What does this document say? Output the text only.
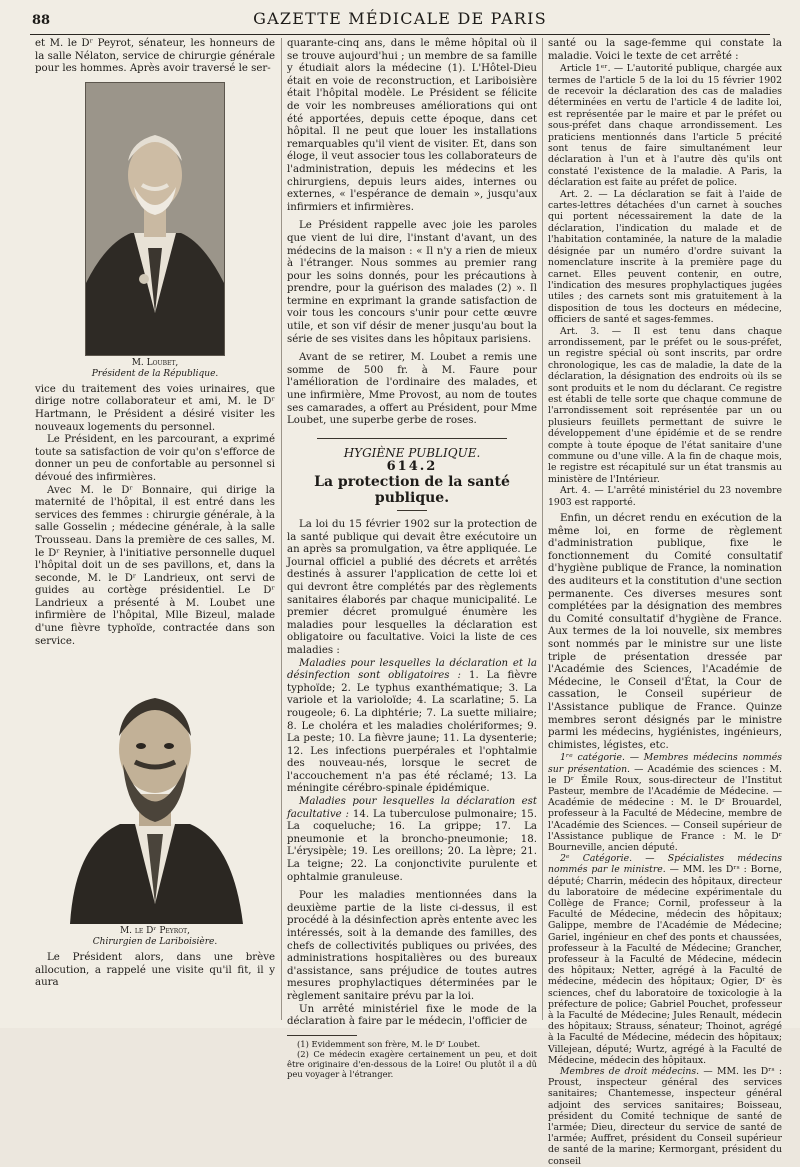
88	GAZETTE MÉDICALE DE PARIS

et M. le Dʳ Peyrot, sénateur, les honneurs de la salle Nélaton, service de chirurgie générale pour les hommes. Après avoir traversé le ser-

M. Loubet,
Président de la République.

vice du traitement des voies urinaires, que dirige notre collaborateur et ami, M. le Dʳ Hartmann, le Président a désiré visiter les nouveaux logements du personnel.

Le Président, en les parcourant, a exprimé toute sa satisfaction de voir qu'on s'efforce de donner un peu de confortable au personnel si dévoué des infirmières.

Avec M. le Dʳ Bonnaire, qui dirige la maternité de l'hôpital, il est entré dans les services des femmes : chirurgie générale, à la salle Gosselin ; médecine générale, à la salle Trousseau. Dans la première de ces salles, M. le Dʳ Reynier, à l'initiative personnelle duquel l'hôpital doit un de ses pavillons, et, dans la seconde, M. le Dʳ Landrieux, ont servi de guides au cortège présidentiel. Le Dʳ Landrieux a présenté à M. Loubet une infirmière de l'hôpital, Mlle Bizeul, malade d'une fièvre typhoïde, contractée dans son service.

M. le Dʳ Peyrot,
Chirurgien de Lariboisière.

Le Président alors, dans une brève allocution, a rappelé une visite qu'il fit, il y aura

quarante-cinq ans, dans le même hôpital où il se trouve aujourd'hui ; un membre de sa famille y étudiait alors la médecine (1). L'Hôtel-Dieu était en voie de reconstruction, et Lariboisière était l'hôpital modèle. Le Président se félicite de voir les nombreuses améliorations qui ont été apportées, depuis cette époque, dans cet hôpital. Il ne peut que louer les installations remarquables qu'il vient de visiter. Et, dans son éloge, il veut associer tous les collaborateurs de l'administration, depuis les médecins et les chirurgiens, depuis leurs aides, internes ou externes, « l'espérance de demain », jusqu'aux infirmiers et infirmières.

Le Président rappelle avec joie les paroles que vient de lui dire, l'instant d'avant, un des médecins de la maison : « Il n'y a rien de mieux à l'étranger. Nous sommes au premier rang pour les soins donnés, pour les précautions à prendre, pour la guérison des malades (2) ». Il termine en exprimant la grande satisfaction de voir tous les concours s'unir pour cette œuvre utile, et son vif désir de mener jusqu'au bout la série de ses visites dans les hôpitaux parisiens.

Avant de se retirer, M. Loubet a remis une somme de 500 fr. à M. Faure pour l'amélioration de l'ordinaire des malades, et une infirmière, Mme Provost, au nom de toutes ses camarades, a offert au Président, pour Mme Loubet, une superbe gerbe de roses.

HYGIÈNE PUBLIQUE.
614.2
La protection de la santé publique.

La loi du 15 février 1902 sur la protection de la santé publique qui devait être exécutoire un an après sa promulgation, va être appliquée. Le Journal officiel a publié des décrets et arrêtés destinés à assurer l'application de cette loi et qui devront être complétés par des règlements sanitaires élaborés par chaque municipalité. Le premier décret promulgué énumère les maladies pour lesquelles la déclaration est obligatoire ou facultative. Voici la liste de ces maladies :

Maladies pour lesquelles la déclaration et la désinfection sont obligatoires : 1. La fièvre typhoïde; 2. Le typhus exanthématique; 3. La variole et la varioloïde; 4. La scarlatine; 5. La rougeole; 6. La diphtérie; 7. La suette miliaire; 8. Le choléra et les maladies cholériformes; 9. La peste; 10. La fièvre jaune; 11. La dysenterie; 12. Les infections puerpérales et l'ophtalmie des nouveau-nés, lorsque le secret de l'accouchement n'a pas été réclamé; 13. La méningite cérébro-spinale épidémique.

Maladies pour lesquelles la déclaration est facultative : 14. La tuberculose pulmonaire; 15. La coqueluche; 16. La grippe; 17. La pneumonie et la broncho-pneumonie; 18. L'érysipèle; 19. Les oreillons; 20. La lèpre; 21. La teigne; 22. La conjonctivite purulente et ophtalmie granuleuse.

Pour les maladies mentionnées dans la deuxième partie de la liste ci-dessus, il est procédé à la désinfection après entente avec les intéressés, soit à la demande des familles, des chefs de collectivités publiques ou privées, des administrations hospitalières ou des bureaux d'assistance, sans préjudice de toutes autres mesures prophylactiques déterminées par le règlement sanitaire prévu par la loi.

Un arrêté ministériel fixe le mode de la déclaration à faire par le médecin, l'officier de

(1) Evidemment son frère, M. le Dʳ Loubet.

(2) Ce médecin exagère certainement un peu, et doit être originaire d'en-dessous de la Loire! Ou plutôt il a dû peu voyager à l'étranger.

santé ou la sage-femme qui constate la maladie. Voici le texte de cet arrêté :

Article 1ᵉʳ. — L'autorité publique, chargée aux termes de l'article 5 de la loi du 15 février 1902 de recevoir la déclaration des cas de maladies déterminées en vertu de l'article 4 de ladite loi, est représentée par le maire et par le préfet ou sous-préfet dans chaque arrondissement. Les praticiens mentionnés dans l'article 5 précité sont tenus de faire simultanément leur déclaration à l'un et à l'autre dès qu'ils ont constaté l'existence de la maladie. A Paris, la déclaration est faite au préfet de police.

Art. 2. — La déclaration se fait à l'aide de cartes-lettres détachées d'un carnet à souches qui portent nécessairement la date de la déclaration, l'indication du malade et de l'habitation contaminée, la nature de la maladie désignée par un numéro d'ordre suivant la nomenclature inscrite à la première page du carnet. Elles peuvent contenir, en outre, l'indication des mesures prophylactiques jugées utiles ; des carnets sont mis gratuitement à la disposition de tous les docteurs en médecine, officiers de santé et sages-femmes.

Art. 3. — Il est tenu dans chaque arrondissement, par le préfet ou le sous-préfet, un registre spécial où sont inscrits, par ordre chronologique, les cas de maladie, la date de la déclaration, la désignation des endroits où ils se sont produits et le nom du déclarant. Ce registre est établi de telle sorte que chaque commune de l'arrondissement soit représentée par un ou plusieurs feuillets permettant de suivre le développement d'une épidémie et de se rendre compte à toute époque de l'état sanitaire d'une commune ou d'une ville. A la fin de chaque mois, le registre est récapitulé sur un état transmis au ministère de l'Intérieur.

Art. 4. — L'arrêté ministériel du 23 novembre 1903 est rapporté.

Enfin, un décret rendu en exécution de la même loi, en forme de règlement d'administration publique, fixe le fonctionnement du Comité consultatif d'hygiène publique de France, la nomination des auditeurs et la constitution d'une section permanente. Ces diverses mesures sont complétées par la désignation des membres du Comité consultatif d'hygiène de France. Aux termes de la loi nouvelle, six membres sont nommés par le ministre sur une liste triple de présentation dressée par l'Académie des Sciences, l'Académie de Médecine, le Conseil d'État, la Cour de cassation, le Conseil supérieur de l'Assistance publique de France. Quinze membres seront désignés par le ministre parmi les médecins, hygiénistes, ingénieurs, chimistes, légistes, etc.

1ʳᵉ catégorie. — Membres médecins nommés sur présentation. — Académie des sciences : M. le Dʳ Émile Roux, sous-directeur de l'Institut Pasteur, membre de l'Académie de Médecine. — Académie de médecine : M. le Dʳ Brouardel, professeur à la Faculté de Médecine, membre de l'Académie des Sciences. — Conseil supérieur de l'Assistance publique de France : M. le Dʳ Bourneville, ancien député.

2ᵉ Catégorie. — Spécialistes médecins nommés par le ministre. — MM. les Dʳˢ : Borne, député; Charrin, médecin des hôpitaux, directeur du laboratoire de médecine expérimentale du Collège de France; Cornil, professeur à la Faculté de Médecine, médecin des hôpitaux; Galippe, membre de l'Académie de Médecine; Gariel, ingénieur en chef des ponts et chaussées, professeur à la Faculté de Médecine; Grancher, professeur à la Faculté de Médecine, médecin des hôpitaux; Netter, agrégé à la Faculté de médecine, médecin des hôpitaux; Ogier, Dʳ ès sciences, chef du laboratoire de toxicologie à la préfecture de police; Gabriel Pouchet, professeur à la Faculté de Médecine; Jules Renault, médecin des hôpitaux; Strauss, sénateur; Thoinot, agrégé à la Faculté de Médecine, médecin des hôpitaux; Villejean, député; Wurtz, agrégé à la Faculté de Médecine, médecin des hôpitaux.

Membres de droit médecins. — MM. les Dʳˢ : Proust, inspecteur général des services sanitaires; Chantemesse, inspecteur général adjoint des services sanitaires; Boisseau, président du Comité technique de santé de l'armée; Dieu, directeur du service de santé de l'armée; Auffret, président du Conseil supérieur de santé de la marine; Kermorgant, président du conseil
